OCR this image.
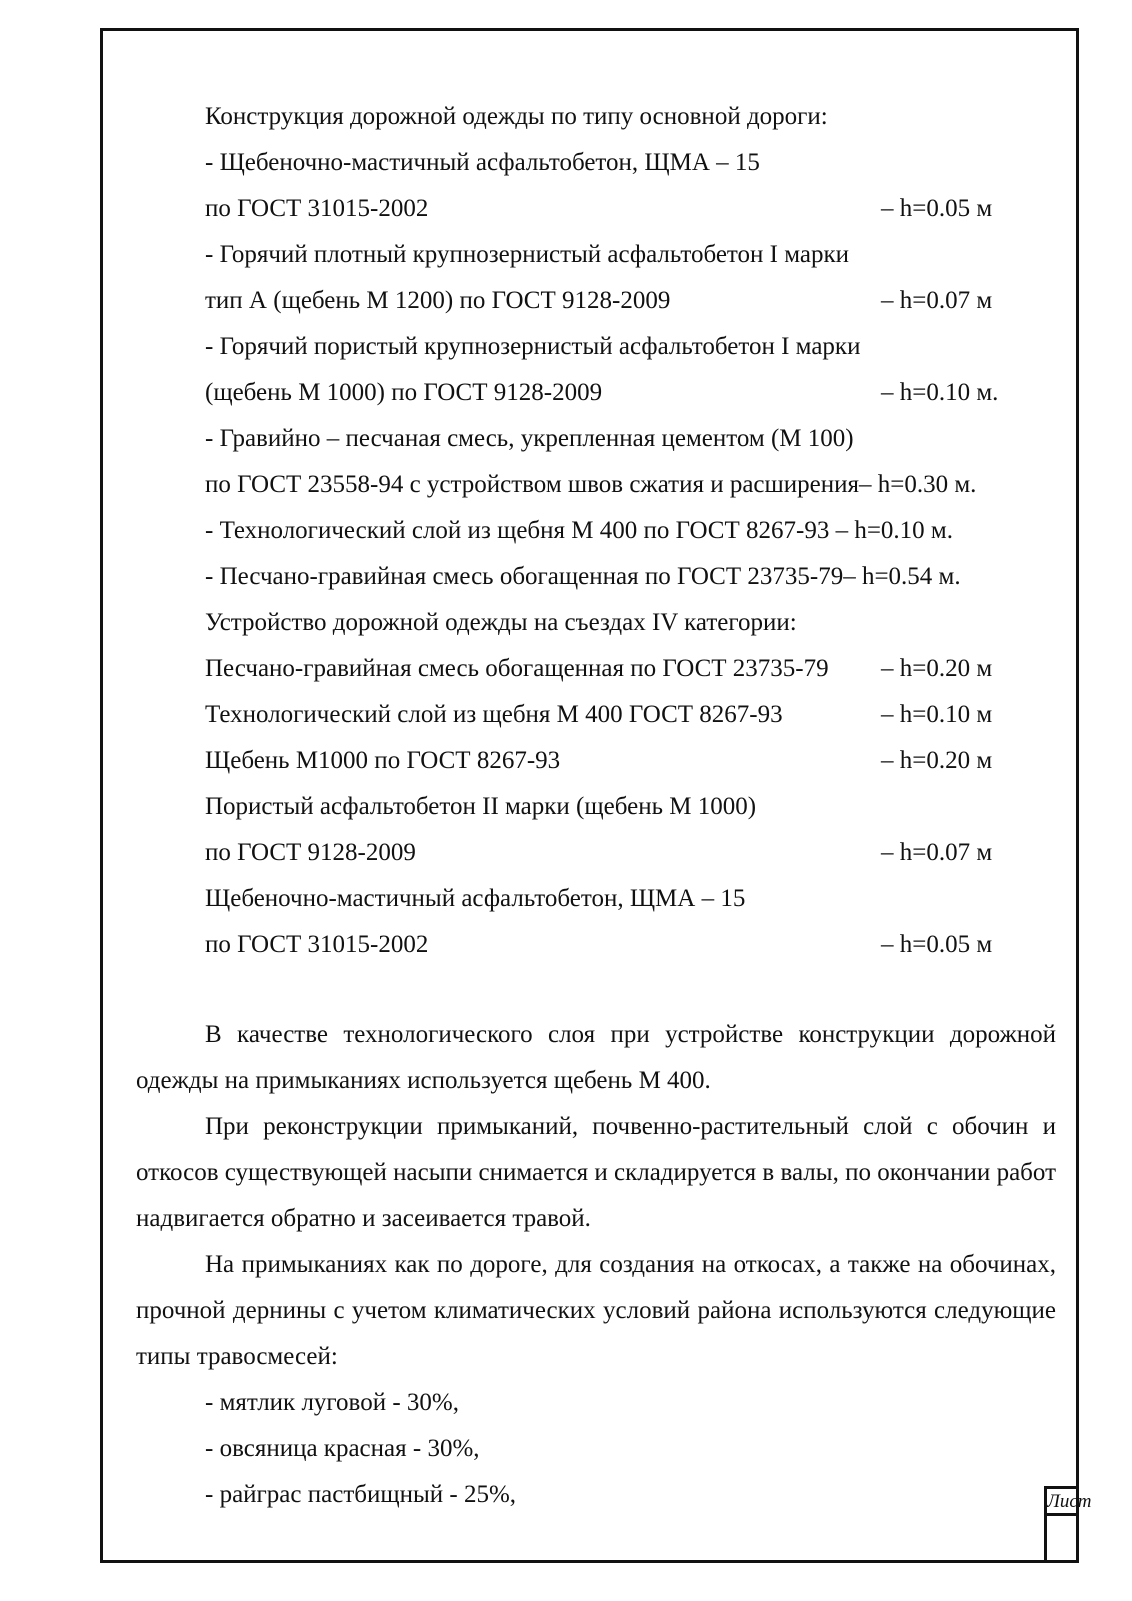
Конструкция дорожной одежды по типу основной дороги:
- Щебеночно-мастичный асфальтобетон, ЩМА – 15
по ГОСТ 31015-2002	– h=0.05 м
- Горячий плотный крупнозернистый асфальтобетон I марки
тип А (щебень М 1200) по ГОСТ 9128-2009	– h=0.07 м
- Горячий пористый крупнозернистый асфальтобетон I марки
(щебень М 1000) по ГОСТ 9128-2009	– h=0.10 м.
- Гравийно – песчаная смесь, укрепленная цементом (М 100)
по ГОСТ 23558-94 с устройством швов сжатия и расширения– h=0.30 м.
- Технологический слой из щебня М 400 по ГОСТ 8267-93 – h=0.10 м.
- Песчано-гравийная смесь обогащенная по ГОСТ 23735-79– h=0.54 м.
Устройство дорожной одежды на съездах IV категории:
Песчано-гравийная смесь обогащенная по ГОСТ 23735-79 – h=0.20 м
Технологический слой из щебня М 400 ГОСТ 8267-93	– h=0.10 м
Щебень М1000 по ГОСТ 8267-93	– h=0.20 м
Пористый асфальтобетон II марки (щебень М 1000)
по ГОСТ 9128-2009	– h=0.07 м
Щебеночно-мастичный асфальтобетон, ЩМА – 15
по ГОСТ 31015-2002	– h=0.05 м

В качестве технологического слоя при устройстве конструкции дорожной одежды на примыканиях используется щебень М 400.

При реконструкции примыканий, почвенно-растительный слой с обочин и откосов существующей насыпи снимается и складируется в валы, по окончании работ надвигается обратно и засеивается травой.

На примыканиях как по дороге, для создания на откосах, а также на обочинах, прочной дернины с учетом климатических условий района используются следующие типы травосмесей:

- мятлик луговой - 30%,
- овсяница красная - 30%,
- райграс пастбищный - 25%,	Лист
